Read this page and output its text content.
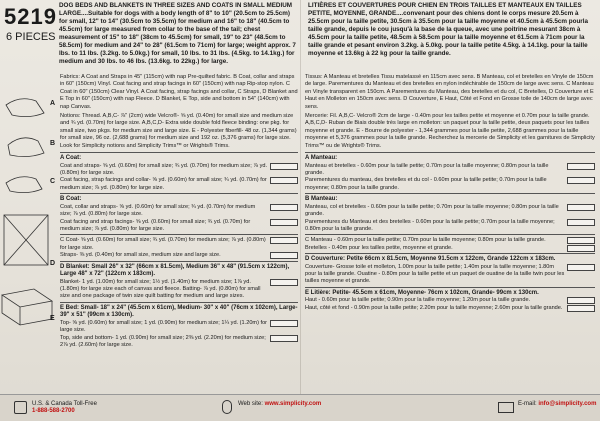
5219
6 PIECES
DOG BEDS AND BLANKETS IN THREE SIZES AND COATS IN SMALL MEDIUM LARGE....Suitable for dogs with a body length of 8" to 10" (20.5cm to 25.5cm) for small, 12" to 14" (30.5cm to 35.5cm) for medium and 16" to 18" (40.5cm to 45.5cm) for large measured from collar to the base of the tail; chest measurement of 15" to 18" (38cm to 45.5cm) for small, 19" to 23" (48.5cm to 58.5cm) for medium and 24" to 28" (61.5cm to 71cm) for large; weight approx. 7 lbs. to 11 lbs. (3.2kg. to 5.0kg.) for small, 10 lbs. to 31 lbs. (4.5kg. to 14.1kg.) for medium and 30 lbs. to 46 lbs. (13.6kg. to 22kg.) for large.
LITIÈRES ET COUVERTURES POUR CHIEN EN TROIS TAILLES ET MANTEAUX EN TAILLES PETITE, MOYENNE, GRANDE....convenant pour des chiens dont le corps mesure 20.5cm à 25.5cm pour la taille petite, 30.5cm à 35.5cm pour la taille moyenne et 40.5cm à 45.5cm pourla taille grande, depuis le cou jusqu'à la base de la queue, avec une poitrine mesurant 38cm à 45.5cm pour la taille petite, 48.5cm à 58.5cm pour la taille moyenne et 61.5cm à 71cm pour la taille grande et pesant environ 3.2kg. à 5.0kg. pour la taille petite 4.5kg. à 14.1kg. pour la taille moyenne et 13.6kg à 22 kg pour la taille grande.
A
B
C
D
E

Fabrics: A Coat and Straps in 45" (115cm) with nap Pre-quilted fabric. B Coat, collar and straps in 60" (150cm) Vinyl. Coat facing and strap facings in 60" (150cm) with nap Rip-stop nylon. C Coat in 60" (150cm) Clear Vinyl. A Coat facing, strap facings and collar, C Straps, D Blanket and E Top in 60" (150cm) with nap Fleece. D Blanket, E Top, side and bottom in 54" (140cm) with nap Canvas.

Notions: Thread. A,B,C- ⅞" (2cm) wide Velcro®- ⅝ yd. (0.40m) for small size and medium size and ¾ yd. (0.70m) for large size. A,B,C,D- Extra wide double fold fleece binding: one pkg. for small size, two pkgs. for medium size and large size. E - Polyester fiberfill- 48 oz. (1,344 grams) for small size, 96 oz. (2,688 grams) for medium size and 192 oz. (5,376 grams) for large size. Look for Simplicity notions and Simplicity Trims™ or Wrights® Trims.

A Coat:
Coat and straps- ⅝ yd. (0.60m) for small size; ¾ yd. (0.70m) for medium size; ⅞ yd. (0.80m) for large size.
Coat facing, strap facings and collar- ⅝ yd. (0.60m) for small size; ¾ yd. (0.70m) for medium size; ⅞ yd. (0.80m) for large size.
B Coat:
Coat, collar and straps- ⅝ yd. (0.60m) for small size; ¾ yd. (0.70m) for medium size; ⅞ yd. (0.80m) for large size.
Coat facing and strap facings- ⅝ yd. (0.60m) for small size; ¾ yd. (0.70m) for medium size; ⅞ yd. (0.80m) for large size.
C Coat- ⅝ yd. (0.60m) for small size; ¾ yd. (0.70m) for medium size; ⅞ yd. (0.80m) for large size.
Straps- ⅜ yd. (0.40m) for small size, medium size and large size.
D Blanket: Small 26" x 32" (66cm x 81.5cm), Medium 36" x 48" (91.5cm x 122cm), Large 48" x 72" (122cm x 183cm).
Blanket- 1 yd. (1.00m) for small size; 1½ yd. (1.40m) for medium size; 1⅞ yd. (1.80m) for large size each of canvas and fleece. Batting- ⅞ yd. (0.80m) for small size and one package of twin size quilt batting for medium and large sizes.
E Bed: Small- 18" x 24" (45.5cm x 61cm), Medium- 30" x 40" (76cm x 102cm), Large- 39" x 51" (99cm x 130cm).
Top- ⅝ yd. (0.60m) for small size; 1 yd. (0.90m) for medium size; 1¼ yd. (1.20m) for large size.
Top, side and bottom- 1 yd. (0.90m) for small size; 2⅜ yd. (2.20m) for medium size; 2⅞ yd. (2.60m) for large size.

Tissus: A Manteau et bretelles Tissu matelassé en 115cm avec sens. B Manteau, col et bretelles en Vinyle de 150cm de large. Parementures du Manteau et des bretelles en nylon indéchirable de 150cm de large avec sens. C Manteau en Vinyle transparent en 150cm. A Parementures du Manteau, des bretelles et du col, C Bretelles, D Couverture et E Haut en Molleton en 150cm avec sens. D Couverture, E Haut, Côté et Fond en Grosse toile de 140cm de large avec sens.

Mercerie: Fil. A,B,C- Velcro® 2cm de large - 0.40m pour les tailles petite et moyenne et 0.70m pour la taille grande. A,B,C,D- Ruban de Biais double très large en molleton: un paquet pour la taille petite, deux paquets pour les tailles moyenne et grande. E - Bourre de polyester - 1,344 grammes pour la taille petite, 2,688 grammes pour la taille moyenne et 5,376 grammes pour la taille grande. Recherchez la mercerie de Simplicity et les garnitures de Simplicity Trims™ ou de Wrights® Trims.

A Manteau:
Manteau et bretelles - 0.60m pour la taille petite; 0.70m pour la taille moyenne; 0.80m pour la taille grande.
Parementures du manteau, des bretelles et du col - 0.60m pour la taille petite; 0.70m pour la taille moyenne; 0.80m pour la taille grande.
B Manteau:
Manteau, col et bretelles - 0.60m pour la taille petite; 0.70m pour la taille moyenne; 0.80m pour la taille grande.
Parementures du Manteau et des bretelles - 0.60m pour la taille petite; 0.70m pour la taille moyenne; 0.80m pour la taille grande.
C Manteau - 0.60m pour la taille petite; 0.70m pour la taille moyenne; 0.80m pour la taille grande.
Bretelles - 0.40m pour les tailles petite, moyenne et grande.
D Couverture: Petite 66cm x 81.5cm, Moyenne 91.5cm x 122cm, Grande 122cm x 183cm.
Couverture- Grosse toile et molleton, 1.00m pour la taille petite; 1.40m pour la taille moyenne; 1.80m pour la taille grande. Ouatine - 0.80m pour la taille petite et un paquet de ouatine de la taille twin pour les tailles moyenne et grande.
E Litière: Petite- 45.5cm x 61cm, Moyenne- 76cm x 102cm, Grande- 99cm x 130cm.
Haut - 0.60m pour la taille petite; 0.90m pour la taille moyenne; 1.20m pour la taille grande.
Haut, côté et fond - 0.90m pour la taille petite; 2.20m pour la taille moyenne; 2.60m pour la taille grande.
U.S. & Canada Toll-Free
1-888-588-2700
Web site: www.simplicity.com	E-mail: info@simplicity.com
